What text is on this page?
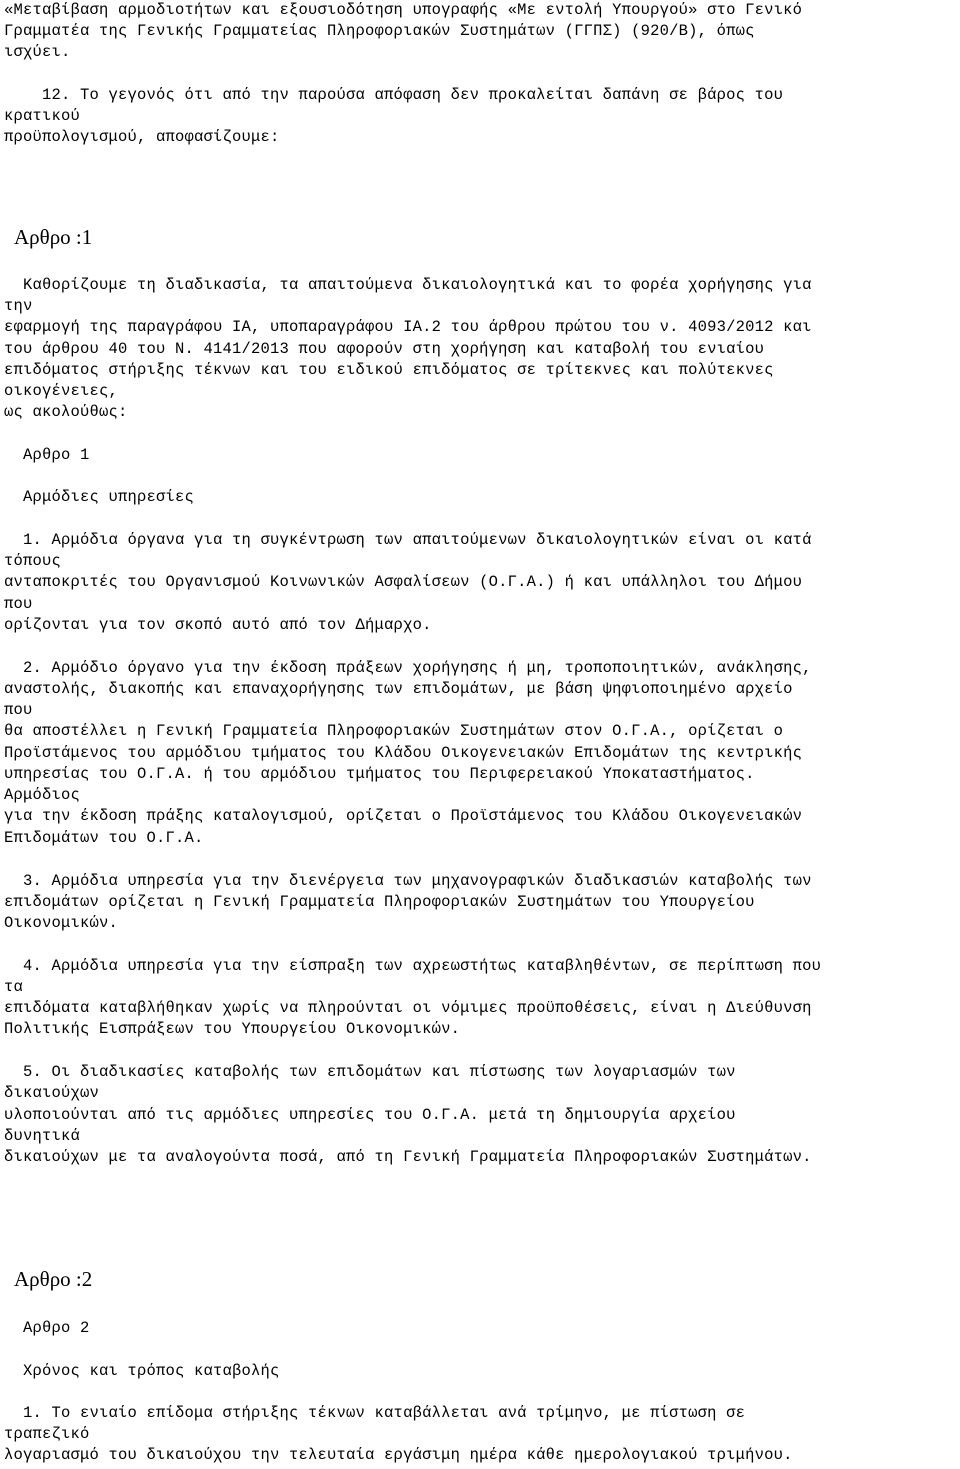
«Μεταβίβαση αρμοδιοτήτων και εξουσιοδότηση υπογραφής «Με εντολή Υπουργού» στο Γενικό
Γραμματέα της Γενικής Γραμματείας Πληροφοριακών Συστημάτων (ΓΓΠΣ) (920/Β), όπως
ισχύει.
12. Το γεγονός ότι από την παρούσα απόφαση δεν προκαλείται δαπάνη σε βάρος του
κρατικού
προϋπολογισμού, αποφασίζουμε:
Αρθρο :1
Καθορίζουμε τη διαδικασία, τα απαιτούμενα δικαιολογητικά και το φορέα χορήγησης για
την
εφαρμογή της παραγράφου ΙΑ, υποπαραγράφου ΙΑ.2 του άρθρου πρώτου του ν. 4093/2012 και
του άρθρου 40 του Ν. 4141/2013 που αφορούν στη χορήγηση και καταβολή του ενιαίου
επιδόματος στήριξης τέκνων και του ειδικού επιδόματος σε τρίτεκνες και πολύτεκνες
οικογένειες,
ως ακολούθως:
Αρθρο 1
Αρμόδιες υπηρεσίες
1. Αρμόδια όργανα για τη συγκέντρωση των απαιτούμενων δικαιολογητικών είναι οι κατά
τόπους
ανταποκριτές του Οργανισμού Κοινωνικών Ασφαλίσεων (Ο.Γ.Α.) ή και υπάλληλοι του Δήμου
που
ορίζονται για τον σκοπό αυτό από τον Δήμαρχο.
2. Αρμόδιο όργανο για την έκδοση πράξεων χορήγησης ή μη, τροποποιητικών, ανάκλησης,
αναστολής, διακοπής και επαναχορήγησης των επιδομάτων, με βάση ψηφιοποιημένο αρχείο
που
θα αποστέλλει η Γενική Γραμματεία Πληροφοριακών Συστημάτων στον Ο.Γ.Α., ορίζεται ο
Προϊστάμενος του αρμόδιου τμήματος του Κλάδου Οικογενειακών Επιδομάτων της κεντρικής
υπηρεσίας του Ο.Γ.Α. ή του αρμόδιου τμήματος του Περιφερειακού Υποκαταστήματος.
Αρμόδιος
για την έκδοση πράξης καταλογισμού, ορίζεται ο Προϊστάμενος του Κλάδου Οικογενειακών
Επιδομάτων του Ο.Γ.Α.
3. Αρμόδια υπηρεσία για την διενέργεια των μηχανογραφικών διαδικασιών καταβολής των
επιδομάτων ορίζεται η Γενική Γραμματεία Πληροφοριακών Συστημάτων του Υπουργείου
Οικονομικών.
4. Αρμόδια υπηρεσία για την είσπραξη των αχρεωστήτως καταβληθέντων, σε περίπτωση που
τα
επιδόματα καταβλήθηκαν χωρίς να πληρούνται οι νόμιμες προϋποθέσεις, είναι η Διεύθυνση
Πολιτικής Εισπράξεων του Υπουργείου Οικονομικών.
5. Οι διαδικασίες καταβολής των επιδομάτων και πίστωσης των λογαριασμών των
δικαιούχων
υλοποιούνται από τις αρμόδιες υπηρεσίες του Ο.Γ.Α. μετά τη δημιουργία αρχείου
δυνητικά
δικαιούχων με τα αναλογούντα ποσά, από τη Γενική Γραμματεία Πληροφοριακών Συστημάτων.
Αρθρο :2
Αρθρο 2
Χρόνος και τρόπος καταβολής
1. Το ενιαίο επίδομα στήριξης τέκνων καταβάλλεται ανά τρίμηνο, με πίστωση σε
τραπεζικό
λογαριασμό του δικαιούχου την τελευταία εργάσιμη ημέρα κάθε ημερολογιακού τριμήνου.
